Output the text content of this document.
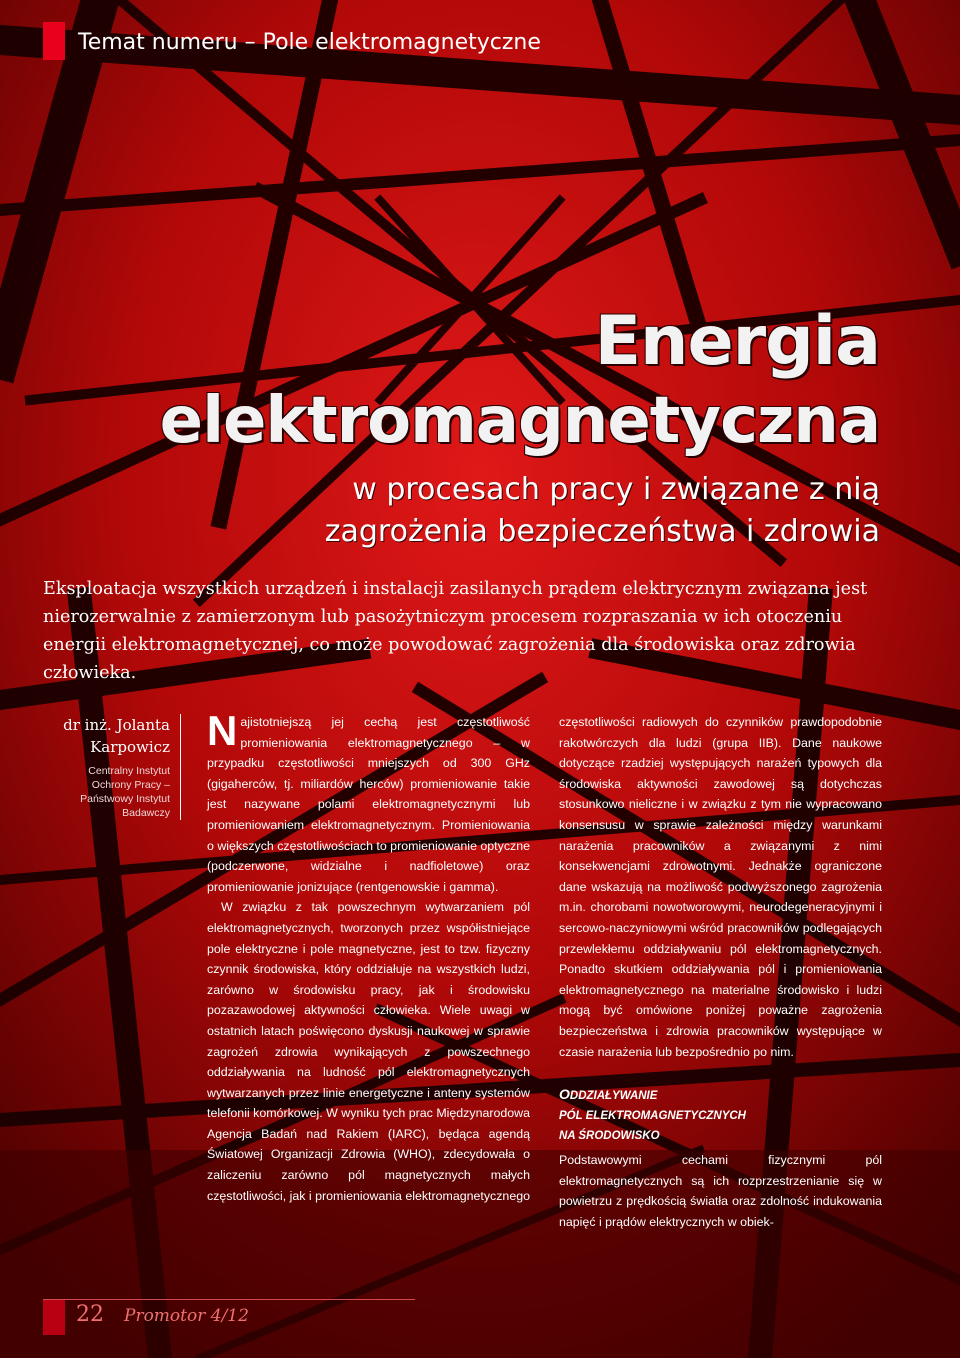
Temat numeru – Pole elektromagnetyczne
Energia
elektromagnetyczna
w procesach pracy i związane z nią
zagrożenia bezpieczeństwa i zdrowia
Eksploatacja wszystkich urządzeń i instalacji zasilanych prądem elektrycznym związana jest nierozerwalnie z zamierzonym lub pasożytniczym procesem rozpraszania w ich otoczeniu energii elektromagnetycznej, co może powodować zagrożenia dla środowiska oraz zdrowia człowieka.
dr inż. Jolanta
Karpowicz
Centralny Instytut
Ochrony Pracy –
Państwowy Instytut
Badawczy

Najistotniejszą jej cechą jest częstotliwość promieniowania elektromagnetycznego – w przypadku częstotliwości mniejszych od 300 GHz (gigaherców, tj. miliardów herców) promieniowanie takie jest nazywane polami elektromagnetycznymi lub promieniowaniem elektromagnetycznym. Promieniowania o większych częstotliwościach to promieniowanie optyczne (podczerwone, widzialne i nadfioletowe) oraz promieniowanie jonizujące (rentgenowskie i gamma).

W związku z tak powszechnym wytwarzaniem pól elektromagnetycznych, tworzonych przez współistniejące pole elektryczne i pole magnetyczne, jest to tzw. fizyczny czynnik środowiska, który oddziałuje na wszystkich ludzi, zarówno w środowisku pracy, jak i środowisku pozazawodowej aktywności człowieka. Wiele uwagi w ostatnich latach poświęcono dyskusji naukowej w sprawie zagrożeń zdrowia wynikających z powszechnego oddziaływania na ludność pól elektromagnetycznych wytwarzanych przez linie energetyczne i anteny systemów telefonii komórkowej. W wyniku tych prac Międzynarodowa Agencja Badań nad Rakiem (IARC), będąca agendą Światowej Organizacji Zdrowia (WHO), zdecydowała o zaliczeniu zarówno pól magnetycznych małych częstotliwości, jak i promieniowania elektromagnetycznego

częstotliwości radiowych do czynników prawdopodobnie rakotwórczych dla ludzi (grupa IIB). Dane naukowe dotyczące rzadziej występujących narażeń typowych dla środowiska aktywności zawodowej są dotychczas stosunkowo nieliczne i w związku z tym nie wypracowano konsensusu w sprawie zależności między warunkami narażenia pracowników a związanymi z nimi konsekwencjami zdrowotnymi. Jednakże ograniczone dane wskazują na możliwość podwyższonego zagrożenia m.in. chorobami nowotworowymi, neurodegeneracyjnymi i sercowo-naczyniowymi wśród pracowników podlegających przewlekłemu oddziaływaniu pól elektromagnetycznych. Ponadto skutkiem oddziaływania pól i promieniowania elektromagnetycznego na materialne środowisko i ludzi mogą być omówione poniżej poważne zagrożenia bezpieczeństwa i zdrowia pracowników występujące w czasie narażenia lub bezpośrednio po nim.

ODDZIAŁYWANIE
PÓL ELEKTROMAGNETYCZNYCH
NA ŚRODOWISKO

Podstawowymi cechami fizycznymi pól elektromagnetycznych są ich rozprzestrzenianie się w powietrzu z prędkością światła oraz zdolność indukowania napięć i prądów elektrycznych w obiek-

22 Promotor 4/12
